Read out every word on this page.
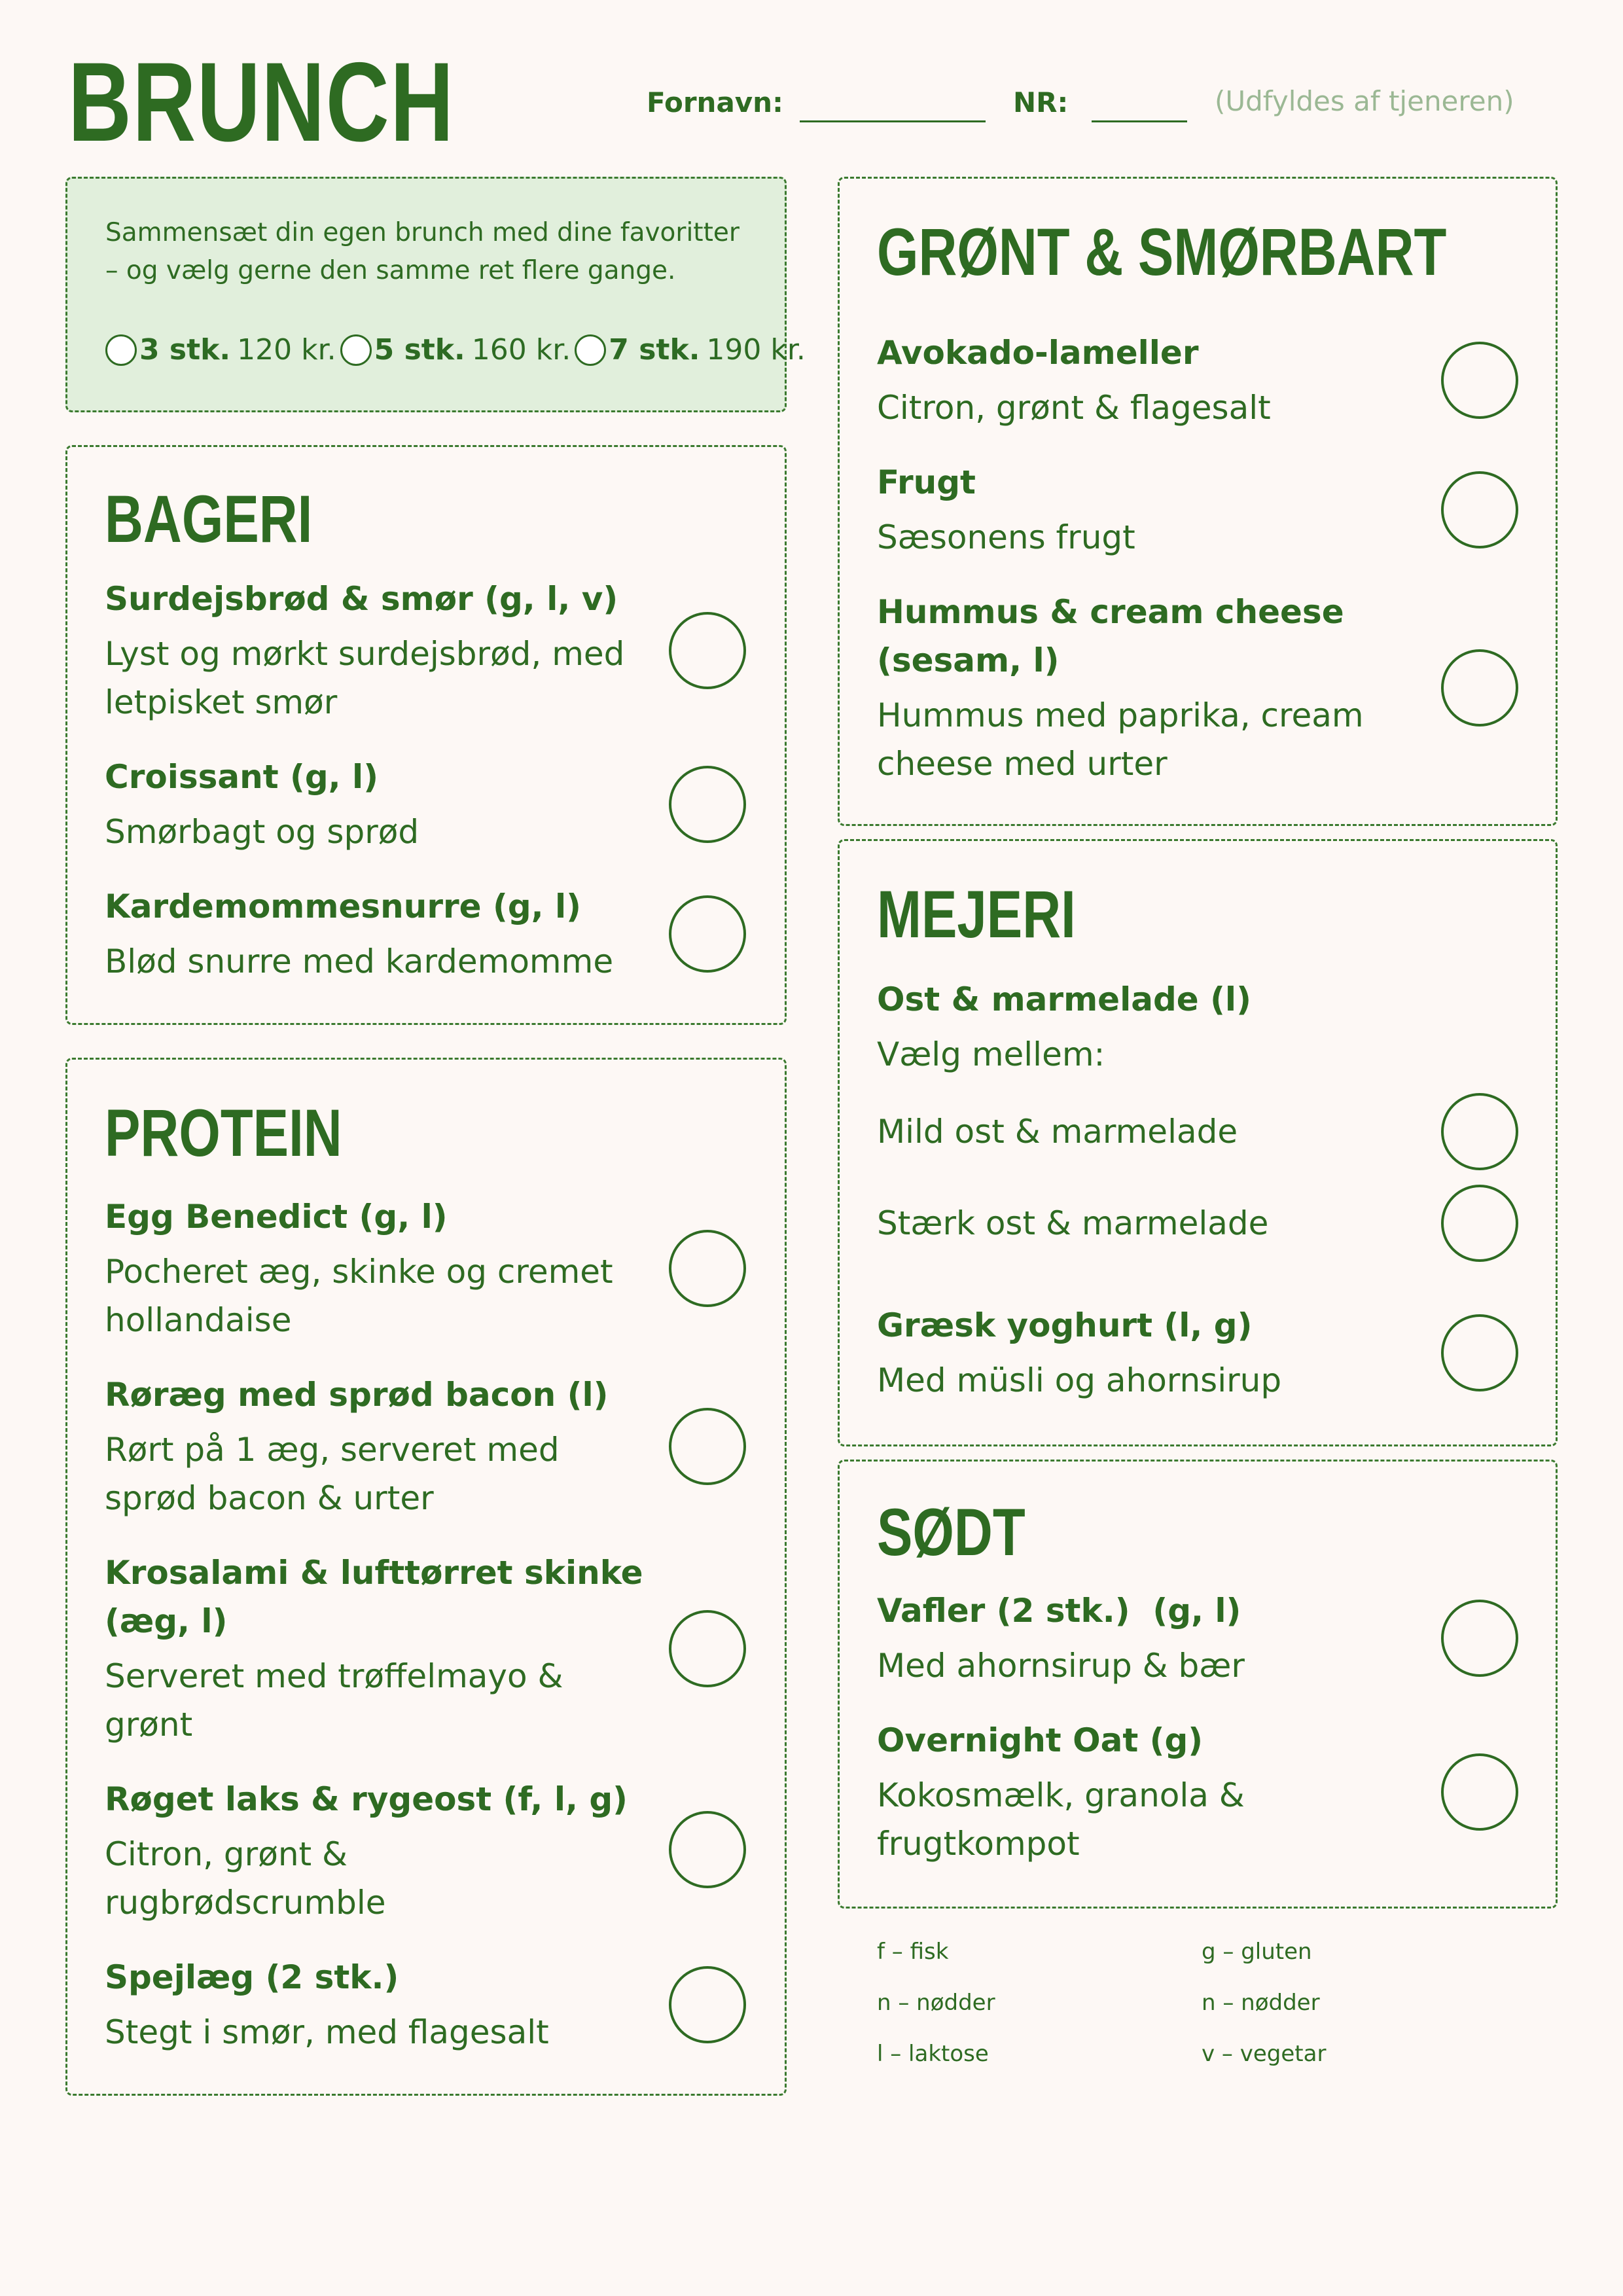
BRUNCH	Fornavn:	NR:	(Udfyldes af tjeneren)
Sammensæt din egen brunch med dine favoritter
– og vælg gerne den samme ret flere gange.
3 stk. 120 kr. 5 stk. 160 kr. 7 stk. 190 kr.
BAGERI
Surdejsbrød & smør (g, l, v)
Lyst og mørkt surdejsbrød, med
letpisket smør
Croissant (g, l)
Smørbagt og sprød
Kardemommesnurre (g, l)
Blød snurre med kardemomme
PROTEIN
Egg Benedict (g, l)
Pocheret æg, skinke og cremet
hollandaise
Røræg med sprød bacon (l)
Rørt på 1 æg, serveret med
sprød bacon & urter
Krosalami & lufttørret skinke
(æg, l)
Serveret med trøffelmayo &
grønt
Røget laks & rygeost (f, l, g)
Citron, grønt &
rugbrødscrumble
Spejlæg (2 stk.)
Stegt i smør, med flagesalt
GRØNT & SMØRBART
Avokado-lameller
Citron, grønt & flagesalt
Frugt
Sæsonens frugt
Hummus & cream cheese
(sesam, l)
Hummus med paprika, cream
cheese med urter
MEJERI
Ost & marmelade (l)
Vælg mellem:
Mild ost & marmelade
Stærk ost & marmelade
Græsk yoghurt (l, g)
Med müsli og ahornsirup
SØDT
Vafler (2 stk.)  (g, l)
Med ahornsirup & bær
Overnight Oat (g)
Kokosmælk, granola &
frugtkompot
f – fisk	g – gluten
n – nødder	n – nødder
l – laktose	v – vegetar
